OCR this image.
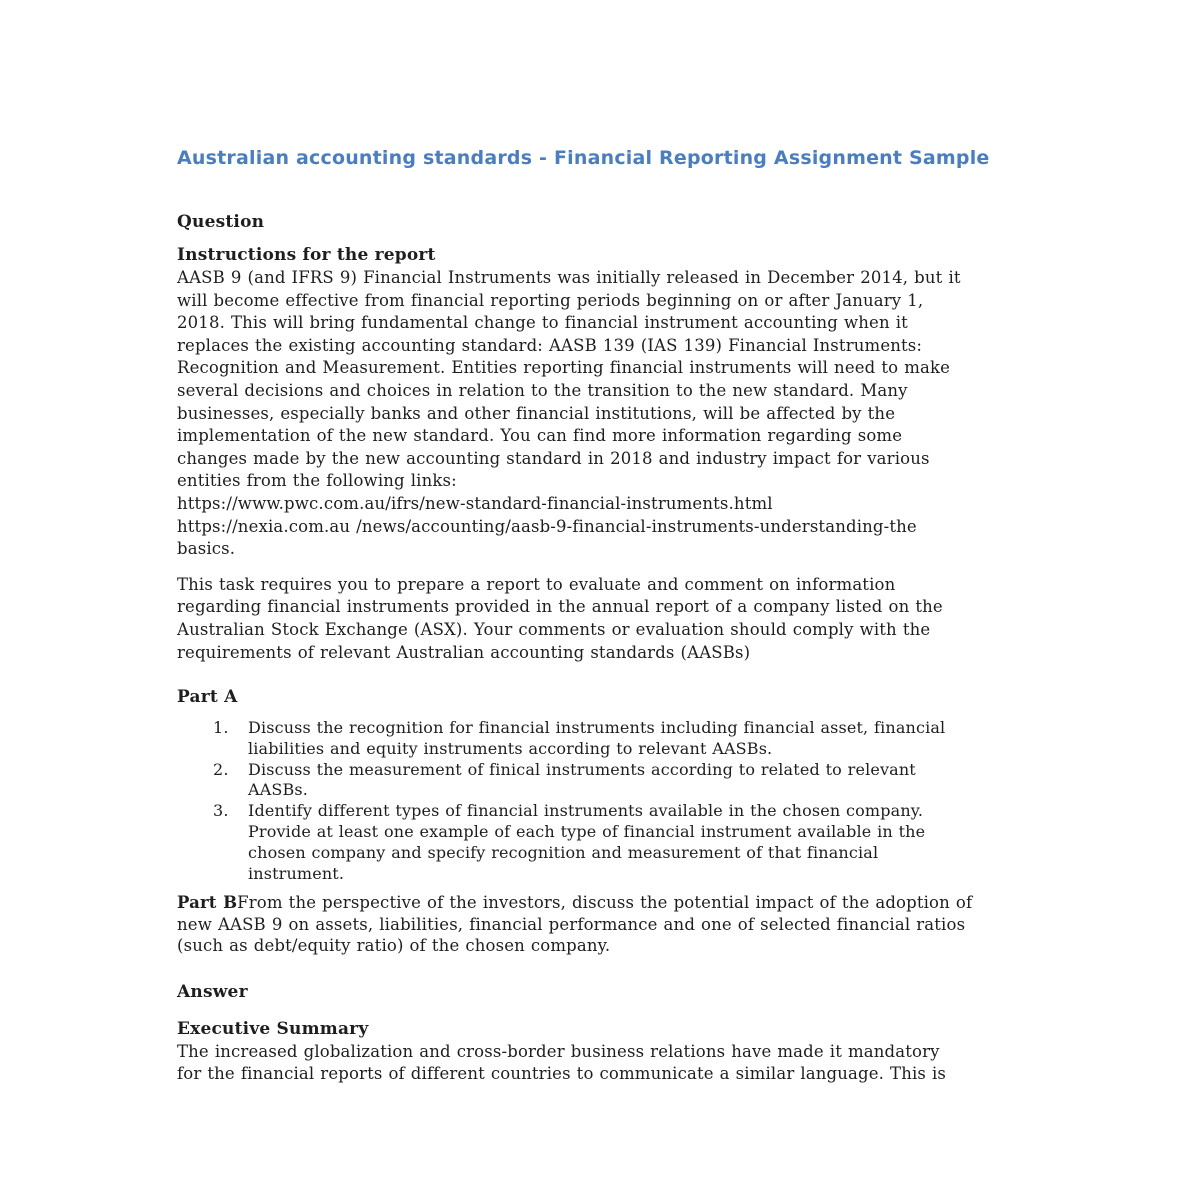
Australian accounting standards - Financial Reporting Assignment Sample
Question
Instructions for the report
AASB 9 (and IFRS 9) Financial Instruments was initially released in December 2014, but it
will become effective from financial reporting periods beginning on or after January 1,
2018. This will bring fundamental change to financial instrument accounting when it
replaces the existing accounting standard: AASB 139 (IAS 139) Financial Instruments:
Recognition and Measurement. Entities reporting financial instruments will need to make
several decisions and choices in relation to the transition to the new standard. Many
businesses, especially banks and other financial institutions, will be affected by the
implementation of the new standard. You can find more information regarding some
changes made by the new accounting standard in 2018 and industry impact for various
entities from the following links:
https://www.pwc.com.au/ifrs/new-standard-financial-instruments.html
https://nexia.com.au /news/accounting/aasb-9-financial-instruments-understanding-the
basics.
This task requires you to prepare a report to evaluate and comment on information
regarding financial instruments provided in the annual report of a company listed on the
Australian Stock Exchange (ASX). Your comments or evaluation should comply with the
requirements of relevant Australian accounting standards (AASBs)
Part A
1. Discuss the recognition for financial instruments including financial asset, financial
liabilities and equity instruments according to relevant AASBs.
2. Discuss the measurement of finical instruments according to related to relevant
AASBs.
3. Identify different types of financial instruments available in the chosen company.
Provide at least one example of each type of financial instrument available in the
chosen company and specify recognition and measurement of that financial
instrument.
Part BFrom the perspective of the investors, discuss the potential impact of the adoption of
new AASB 9 on assets, liabilities, financial performance and one of selected financial ratios
(such as debt/equity ratio) of the chosen company.
Answer
Executive Summary
The increased globalization and cross-border business relations have made it mandatory
for the financial reports of different countries to communicate a similar language. This is
